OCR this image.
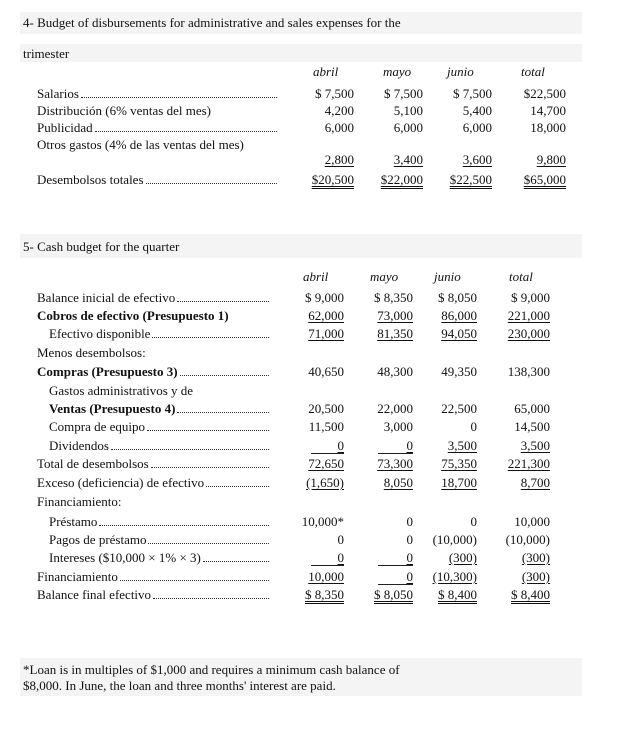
4- Budget of disbursements for administrative and sales expenses for the
trimester
abril	mayo	junio	total
Salarios	$ 7,500	$ 7,500	$ 7,500	$22,500
Distribución (6% ventas del mes)	4,200	5,100	5,400	14,700
Publicidad	6,000	6,000	6,000	18,000
Otros gastos (4% de las ventas del mes)
2,800	3,400	3,600	9,800
Desembolsos totales	$20,500	$22,000	$22,500	$65,000
5- Cash budget for the quarter
abril	mayo	junio	total
Balance inicial de efectivo	$ 9,000	$ 8,350	$ 8,050	$ 9,000
Cobros de efectivo (Presupuesto 1)	62,000	73,000	86,000	221,000
Efectivo disponible	71,000	81,350	94,050	230,000
Menos desembolsos:
Compras (Presupuesto 3)	40,650	48,300	49,350	138,300
Gastos administrativos y de
Ventas (Presupuesto 4)	20,500	22,000	22,500	65,000
Compra de equipo	11,500	3,000	0	14,500
Dividendos	0	0	3,500	3,500
Total de desembolsos	72,650	73,300	75,350	221,300
Exceso (deficiencia) de efectivo	(1,650)	8,050	18,700	8,700
Financiamiento:
Préstamo	10,000*	0	0	10,000
Pagos de préstamo	0	0	(10,000)	(10,000)
Intereses ($10,000 × 1% × 3)	0	0	(300)	(300)
Financiamiento	10,000	0	(10,300)	(300)
Balance final efectivo	$ 8,350	$ 8,050	$ 8,400	$ 8,400
*Loan is in multiples of $1,000 and requires a minimum cash balance of
$8,000. In June, the loan and three months' interest are paid.
